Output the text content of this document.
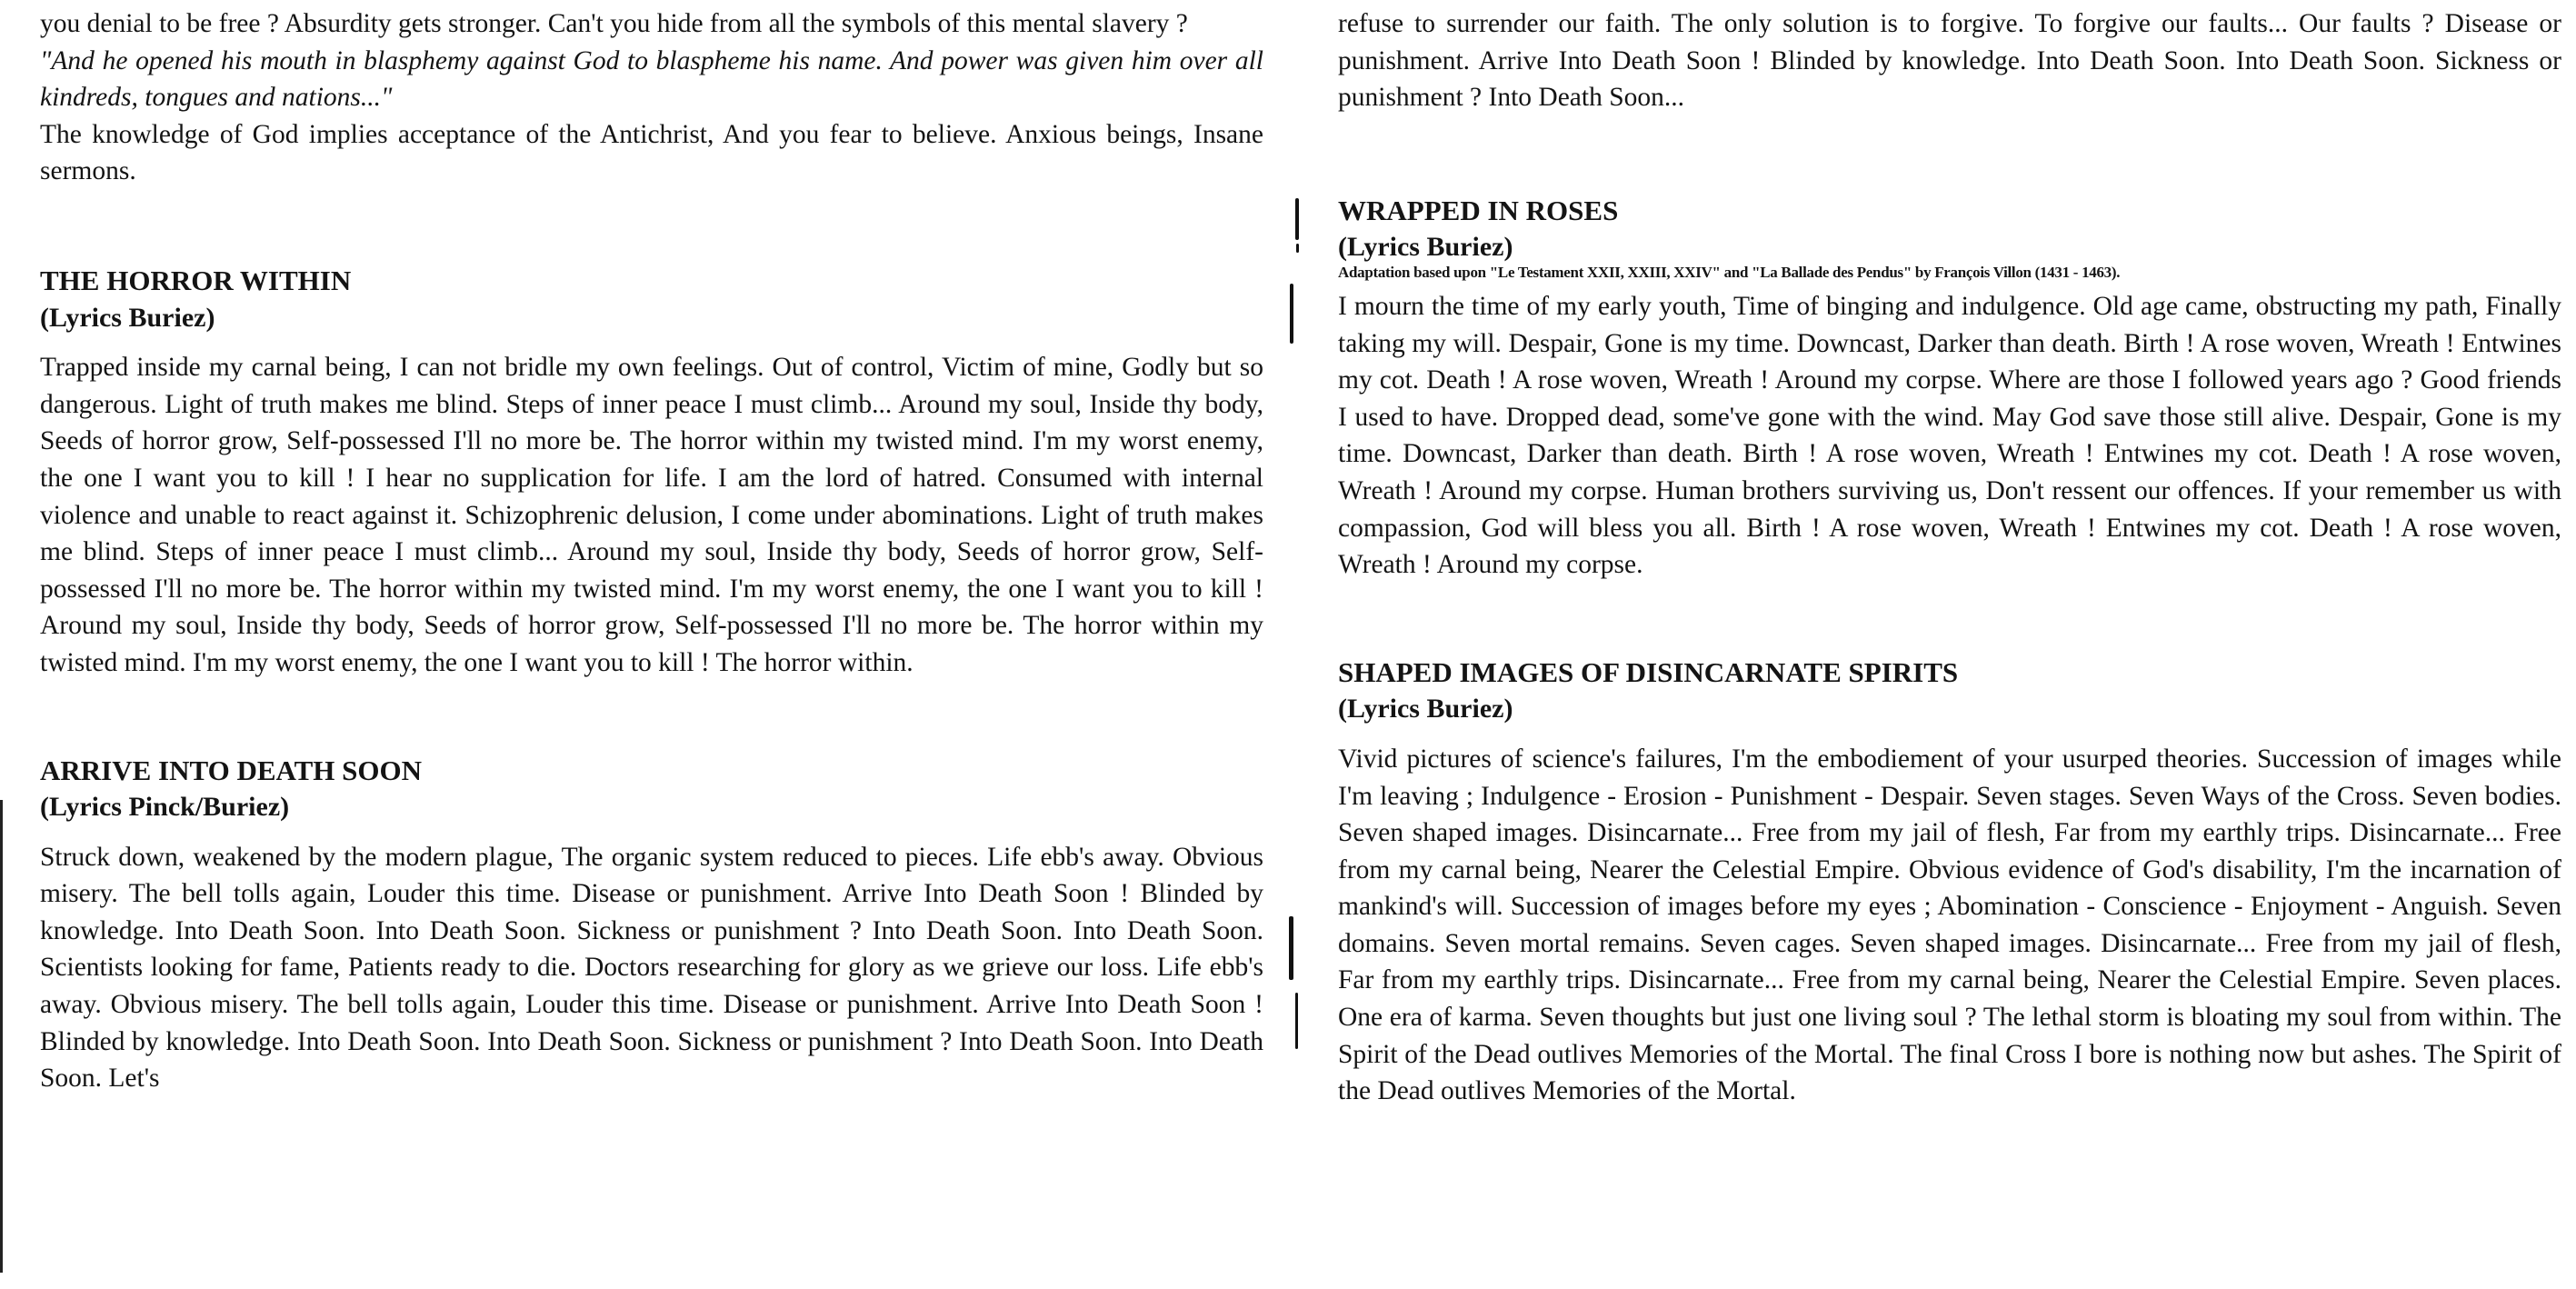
you denial to be free ? Absurdity gets stronger. Can't you hide from all the symbols of this mental slavery ?

"And he opened his mouth in blasphemy against God to blaspheme his name. And power was given him over all kindreds, tongues and nations..."

The knowledge of God implies acceptance of the Antichrist, And you fear to believe. Anxious beings, Insane sermons.

THE HORROR WITHIN

(Lyrics Buriez)

Trapped inside my carnal being, I can not bridle my own feelings. Out of control, Victim of mine, Godly but so dangerous. Light of truth makes me blind. Steps of inner peace I must climb... Around my soul, Inside thy body, Seeds of horror grow, Self-possessed I'll no more be. The horror within my twisted mind. I'm my worst enemy, the one I want you to kill ! I hear no supplication for life. I am the lord of hatred. Consumed with internal violence and unable to react against it. Schizophrenic delusion, I come under abominations. Light of truth makes me blind. Steps of inner peace I must climb... Around my soul, Inside thy body, Seeds of horror grow, Self-possessed I'll no more be. The horror within my twisted mind. I'm my worst enemy, the one I want you to kill ! Around my soul, Inside thy body, Seeds of horror grow, Self-possessed I'll no more be. The horror within my twisted mind. I'm my worst enemy, the one I want you to kill ! The horror within.

ARRIVE INTO DEATH SOON

(Lyrics Pinck/Buriez)

Struck down, weakened by the modern plague, The organic system reduced to pieces. Life ebb's away. Obvious misery. The bell tolls again, Louder this time. Disease or punishment. Arrive Into Death Soon ! Blinded by knowledge. Into Death Soon. Into Death Soon. Sickness or punishment ? Into Death Soon. Into Death Soon. Scientists looking for fame, Patients ready to die. Doctors researching for glory as we grieve our loss. Life ebb's away. Obvious misery. The bell tolls again, Louder this time. Disease or punishment. Arrive Into Death Soon ! Blinded by knowledge. Into Death Soon. Into Death Soon. Sickness or punishment ? Into Death Soon. Into Death Soon. Let's

refuse to surrender our faith. The only solution is to forgive. To forgive our faults... Our faults ? Disease or punishment. Arrive Into Death Soon ! Blinded by knowledge. Into Death Soon. Into Death Soon. Sickness or punishment ? Into Death Soon...

WRAPPED IN ROSES

(Lyrics Buriez)

Adaptation based upon "Le Testament XXII, XXIII, XXIV" and "La Ballade des Pendus" by François Villon (1431 - 1463).

I mourn the time of my early youth, Time of binging and indulgence. Old age came, obstructing my path, Finally taking my will. Despair, Gone is my time. Downcast, Darker than death. Birth ! A rose woven, Wreath ! Entwines my cot. Death ! A rose woven, Wreath ! Around my corpse. Where are those I followed years ago ? Good friends I used to have. Dropped dead, some've gone with the wind. May God save those still alive. Despair, Gone is my time. Downcast, Darker than death. Birth ! A rose woven, Wreath ! Entwines my cot. Death ! A rose woven, Wreath ! Around my corpse. Human brothers surviving us, Don't ressent our offences. If your remember us with compassion, God will bless you all. Birth ! A rose woven, Wreath ! Entwines my cot. Death ! A rose woven, Wreath ! Around my corpse.

SHAPED IMAGES OF DISINCARNATE SPIRITS

(Lyrics Buriez)

Vivid pictures of science's failures, I'm the embodiement of your usurped theories. Succession of images while I'm leaving ; Indulgence - Erosion - Punishment - Despair. Seven stages. Seven Ways of the Cross. Seven bodies. Seven shaped images. Disincarnate... Free from my jail of flesh, Far from my earthly trips. Disincarnate... Free from my carnal being, Nearer the Celestial Empire. Obvious evidence of God's disability, I'm the incarnation of mankind's will. Succession of images before my eyes ; Abomination - Conscience - Enjoyment - Anguish. Seven domains. Seven mortal remains. Seven cages. Seven shaped images. Disincarnate... Free from my jail of flesh, Far from my earthly trips. Disincarnate... Free from my carnal being, Nearer the Celestial Empire. Seven places. One era of karma. Seven thoughts but just one living soul ? The lethal storm is bloating my soul from within. The Spirit of the Dead outlives Memories of the Mortal. The final Cross I bore is nothing now but ashes. The Spirit of the Dead outlives Memories of the Mortal.
